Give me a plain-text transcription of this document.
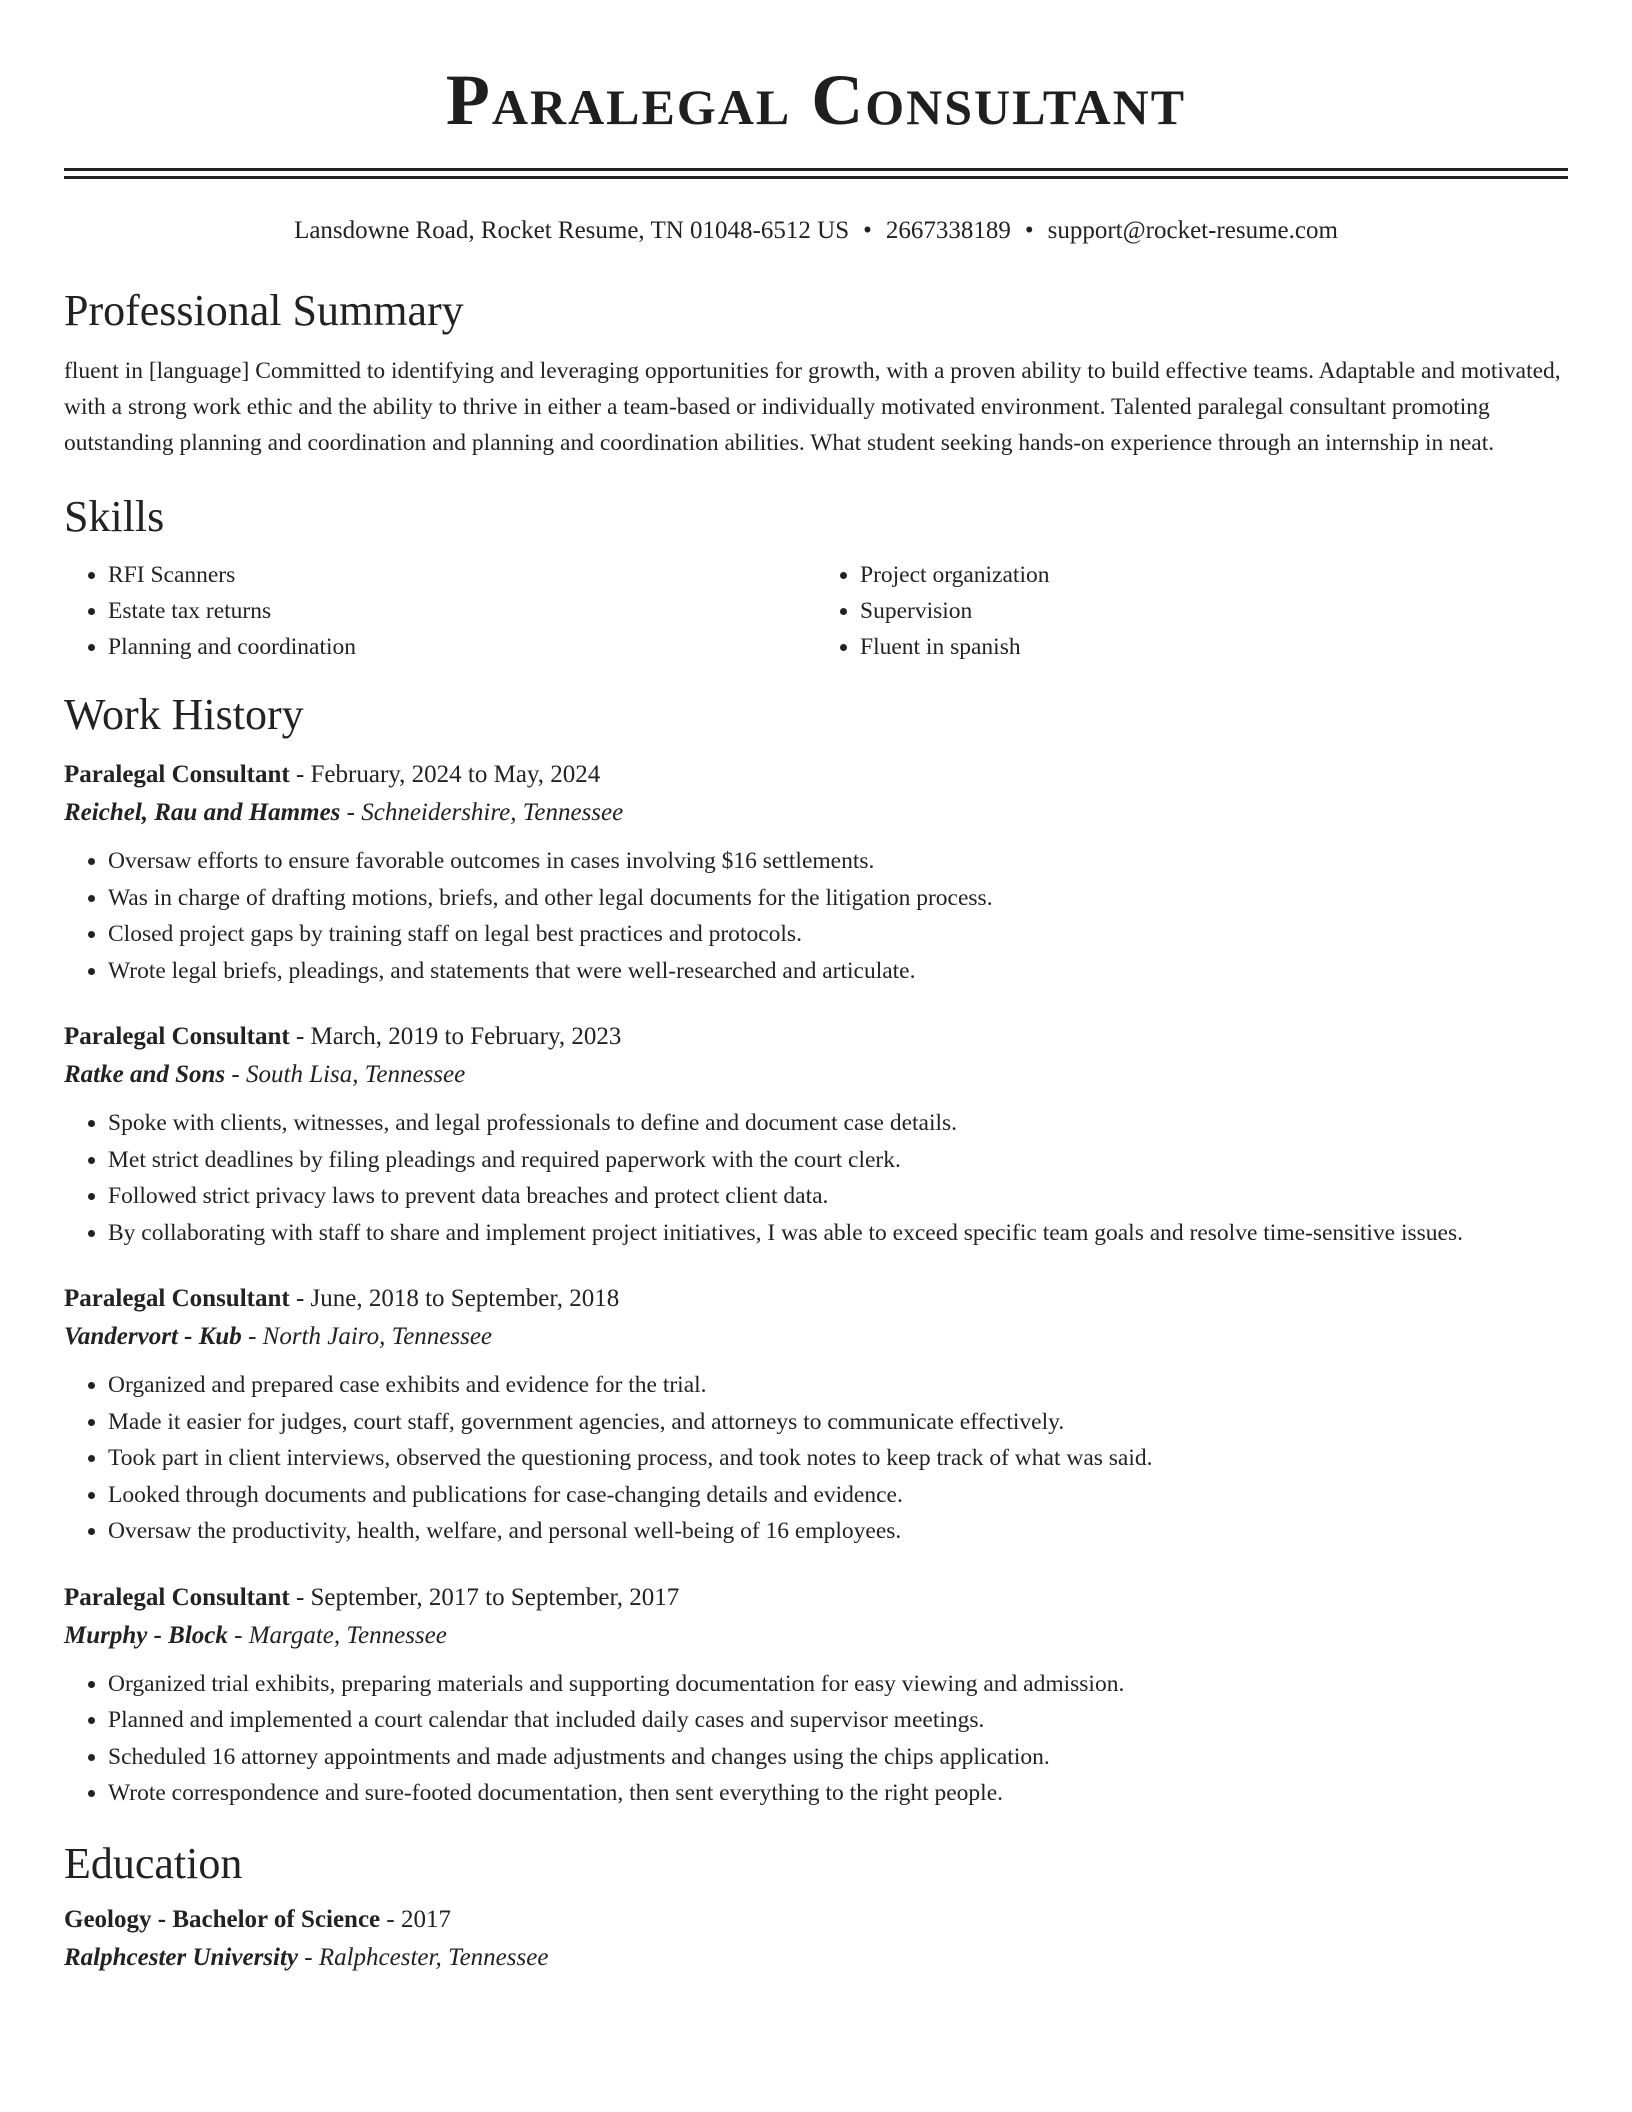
Paralegal Consultant
Lansdowne Road, Rocket Resume, TN 01048-6512 US • 2667338189 • support@rocket-resume.com
Professional Summary

fluent in [language] Committed to identifying and leveraging opportunities for growth, with a proven ability to build effective teams. Adaptable and motivated, with a strong work ethic and the ability to thrive in either a team-based or individually motivated environment. Talented paralegal consultant promoting outstanding planning and coordination and planning and coordination abilities. What student seeking hands-on experience through an internship in neat.

Skills
• RFI Scanners
• Estate tax returns
• Planning and coordination
• Project organization
• Supervision
• Fluent in spanish
Work History
Paralegal Consultant - February, 2024 to May, 2024
Reichel, Rau and Hammes - Schneidershire, Tennessee
• Oversaw efforts to ensure favorable outcomes in cases involving $16 settlements.
• Was in charge of drafting motions, briefs, and other legal documents for the litigation process.
• Closed project gaps by training staff on legal best practices and protocols.
• Wrote legal briefs, pleadings, and statements that were well-researched and articulate.
Paralegal Consultant - March, 2019 to February, 2023
Ratke and Sons - South Lisa, Tennessee
• Spoke with clients, witnesses, and legal professionals to define and document case details.
• Met strict deadlines by filing pleadings and required paperwork with the court clerk.
• Followed strict privacy laws to prevent data breaches and protect client data.
• By collaborating with staff to share and implement project initiatives, I was able to exceed specific team goals and resolve time-sensitive issues.
Paralegal Consultant - June, 2018 to September, 2018
Vandervort - Kub - North Jairo, Tennessee
• Organized and prepared case exhibits and evidence for the trial.
• Made it easier for judges, court staff, government agencies, and attorneys to communicate effectively.
• Took part in client interviews, observed the questioning process, and took notes to keep track of what was said.
• Looked through documents and publications for case-changing details and evidence.
• Oversaw the productivity, health, welfare, and personal well-being of 16 employees.
Paralegal Consultant - September, 2017 to September, 2017
Murphy - Block - Margate, Tennessee
• Organized trial exhibits, preparing materials and supporting documentation for easy viewing and admission.
• Planned and implemented a court calendar that included daily cases and supervisor meetings.
• Scheduled 16 attorney appointments and made adjustments and changes using the chips application.
• Wrote correspondence and sure-footed documentation, then sent everything to the right people.
Education
Geology - Bachelor of Science - 2017
Ralphcester University - Ralphcester, Tennessee
